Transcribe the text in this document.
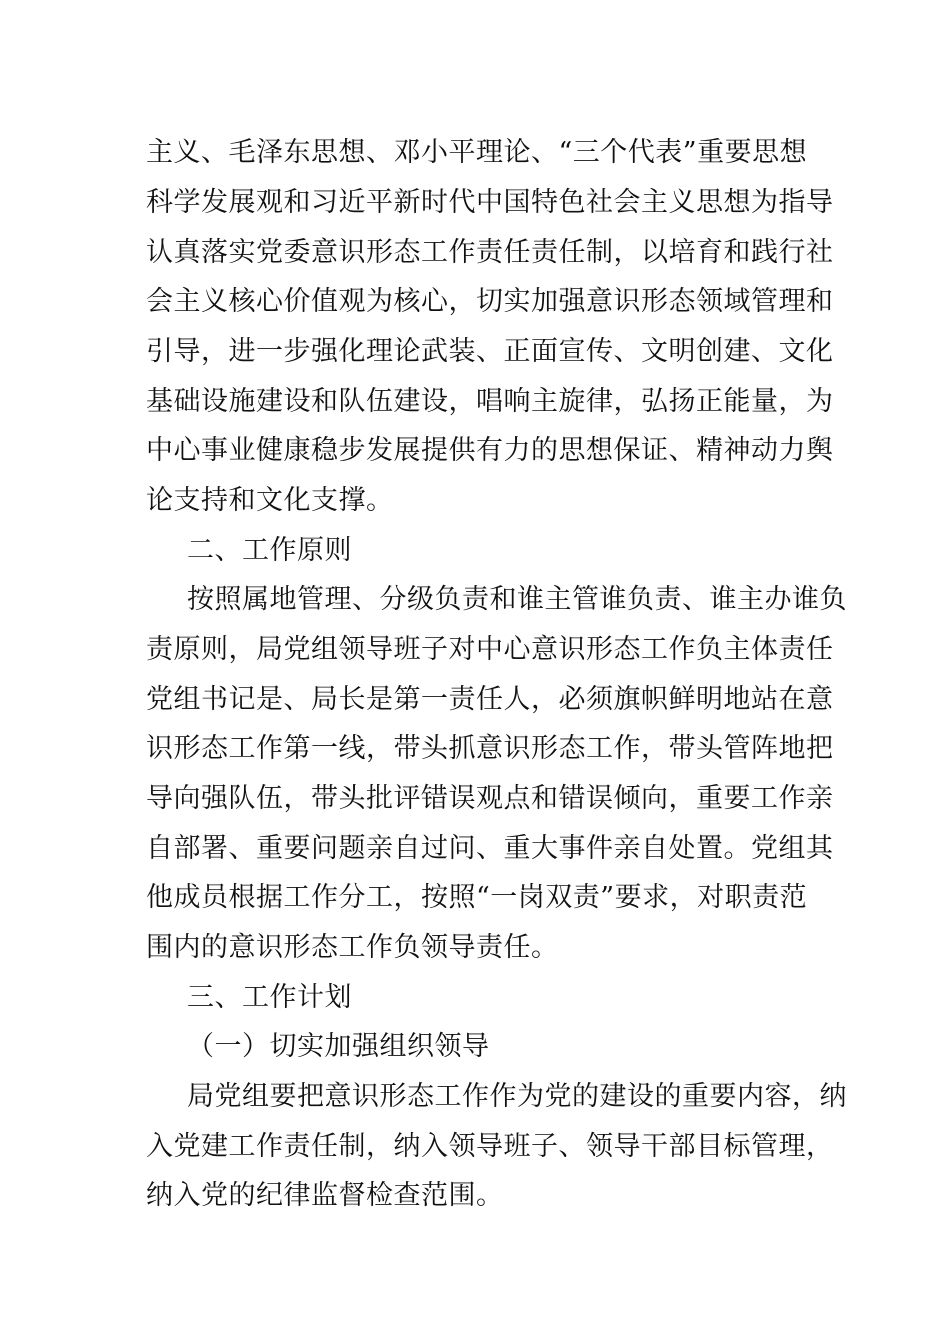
主义、毛泽东思想、邓小平理论、“三个代表”重要思想
科学发展观和习近平新时代中国特色社会主义思想为指导
认真落实党委意识形态工作责任责任制，以培育和践行社
会主义核心价值观为核心，切实加强意识形态领域管理和
引导，进一步强化理论武装、正面宣传、文明创建、文化
基础设施建设和队伍建设，唱响主旋律，弘扬正能量，为
中心事业健康稳步发展提供有力的思想保证、精神动力舆
论支持和文化支撑。
二、工作原则
按照属地管理、分级负责和谁主管谁负责、谁主办谁负
责原则，局党组领导班子对中心意识形态工作负主体责任
党组书记是、局长是第一责任人，必须旗帜鲜明地站在意
识形态工作第一线，带头抓意识形态工作，带头管阵地把
导向强队伍，带头批评错误观点和错误倾向，重要工作亲
自部署、重要问题亲自过问、重大事件亲自处置。党组其
他成员根据工作分工，按照“一岗双责”要求，对职责范
围内的意识形态工作负领导责任。
三、工作计划
（一）切实加强组织领导
局党组要把意识形态工作作为党的建设的重要内容，纳
入党建工作责任制，纳入领导班子、领导干部目标管理，
纳入党的纪律监督检查范围。
